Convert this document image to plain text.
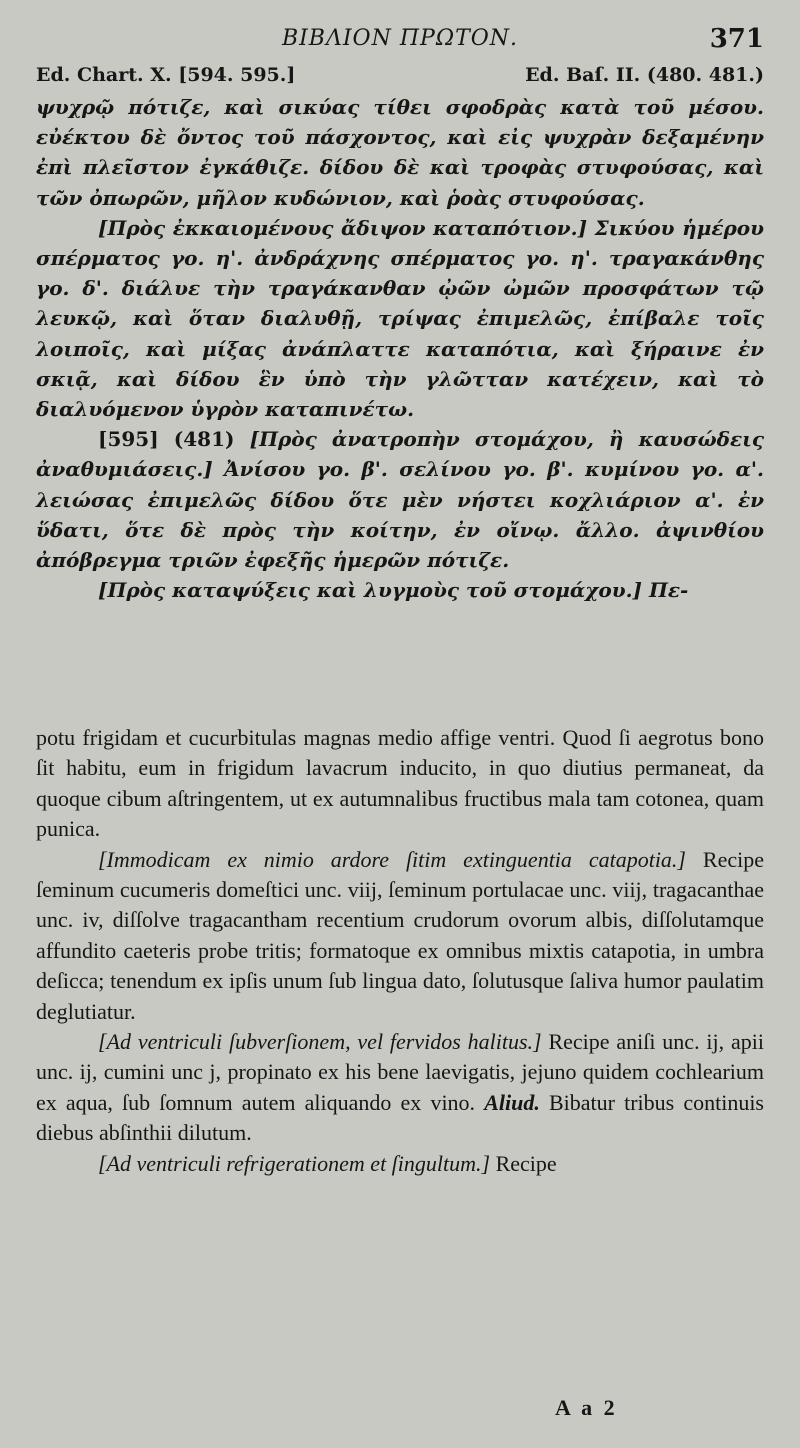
ΒΙΒΛΙΟΝ ΠΡΩΤΟΝ.	371
Ed. Chart. X. [594. 595.]	Ed. Baſ. II. (480. 481.)

ψυχρῷ πότιζε, καὶ σικύας τίθει σφοδρὰς κατὰ τοῦ μέσου. εὐέκτου δὲ ὄντος τοῦ πάσχοντος, καὶ εἰς ψυχρὰν δεξαμένην ἐπὶ πλεῖστον ἐγκάθιζε. δίδου δὲ καὶ τροφὰς στυφούσας, καὶ τῶν ὀπωρῶν, μῆλον κυδώνιον, καὶ ῥοὰς στυφούσας.

[Πρὸς ἐκκαιομένους ἄδιψον καταπότιον.] Σικύου ἡμέρου σπέρματος γο. η'. ἀνδράχνης σπέρματος γο. η'. τραγακάνθης γο. δ'. διάλυε τὴν τραγάκανθαν ᾠῶν ὠμῶν προσφάτων τῷ λευκῷ, καὶ ὅταν διαλυθῇ, τρίψας ἐπιμελῶς, ἐπίβαλε τοῖς λοιποῖς, καὶ μίξας ἀνάπλαττε καταπότια, καὶ ξήραινε ἐν σκιᾷ, καὶ δίδου ἓν ὑπὸ τὴν γλῶτταν κατέχειν, καὶ τὸ διαλυόμενον ὑγρὸν καταπινέτω.

[595] (481) [Πρὸς ἀνατροπὴν στομάχου, ἢ καυσώδεις ἀναθυμιάσεις.] Ἀνίσου γο. β'. σελίνου γο. β'. κυμίνου γο. α'. λειώσας ἐπιμελῶς δίδου ὅτε μὲν νήστει κοχλιάριον α'. ἐν ὕδατι, ὅτε δὲ πρὸς τὴν κοίτην, ἐν οἴνῳ. ἄλλο. ἀψινθίου ἀπόβρεγμα τριῶν ἐφεξῆς ἡμερῶν πότιζε.

[Πρὸς καταψύξεις καὶ λυγμοὺς τοῦ στομάχου.] Πε-

potu frigidam et cucurbitulas magnas medio affige ventri. Quod ſi aegrotus bono ſit habitu, eum in frigidum lavacrum inducito, in quo diutius permaneat, da quoque cibum aſtringentem, ut ex autumnalibus fructibus mala tam cotonea, quam punica.

[Immodicam ex nimio ardore ſitim extinguentia catapotia.] Recipe ſeminum cucumeris domeſtici unc. viij, ſeminum portulacae unc. viij, tragacanthae unc. iv, diſſolve tragacantham recentium crudorum ovorum albis, diſſolutamque affundito caeteris probe tritis; formatoque ex omnibus mixtis catapotia, in umbra deſicca; tenendum ex ipſis unum ſub lingua dato, ſolutusque ſaliva humor paulatim deglutiatur.

[Ad ventriculi ſubverſionem, vel fervidos halitus.] Recipe aniſi unc. ij, apii unc. ij, cumini unc j, propinato ex his bene laevigatis, jejuno quidem cochlearium ex aqua, ſub ſomnum autem aliquando ex vino. Aliud. Bibatur tribus continuis diebus abſinthii dilutum.

[Ad ventriculi refrigerationem et ſingultum.] Recipe

A a 2
